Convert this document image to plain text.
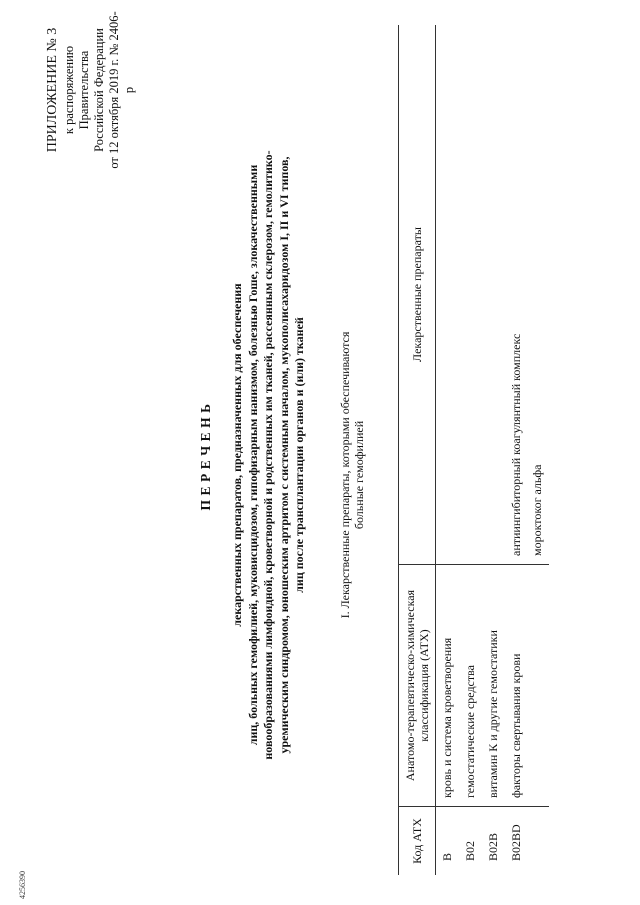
ПРИЛОЖЕНИЕ № 3 к распоряжению Правительства Российской Федерации от 12 октября 2019 г. № 2406-р
ПЕРЕЧЕНЬ лекарственных препаратов, предназначенных для обеспечения лиц, больных гемофилией, муковисцидозом, гипофизарным нанизмом, болезнью Гоше, злокачественными новообразованиями лимфоидной, кроветворной и родственных им тканей, рассеянным склерозом, гемолитико- уремическим синдромом, юношеским артритом с системным началом, мукополисахаридозом I, II и VI типов, лиц после трансплантации органов и (или) тканей	I. Лекарственные препараты, которыми обеспечиваются больные гемофилией
Код АТХ	Анатомо-терапевтическо-химическая классификация (АТХ)	Лекарственные препараты
B	кровь и система кроветворения	
B02	гемостатические средства	
B02B	витамин К и другие гемостатики	
B02BD	факторы свертывания крови	антиингибиторный коагулянтный комплекс мороктоког альфа
4256390
